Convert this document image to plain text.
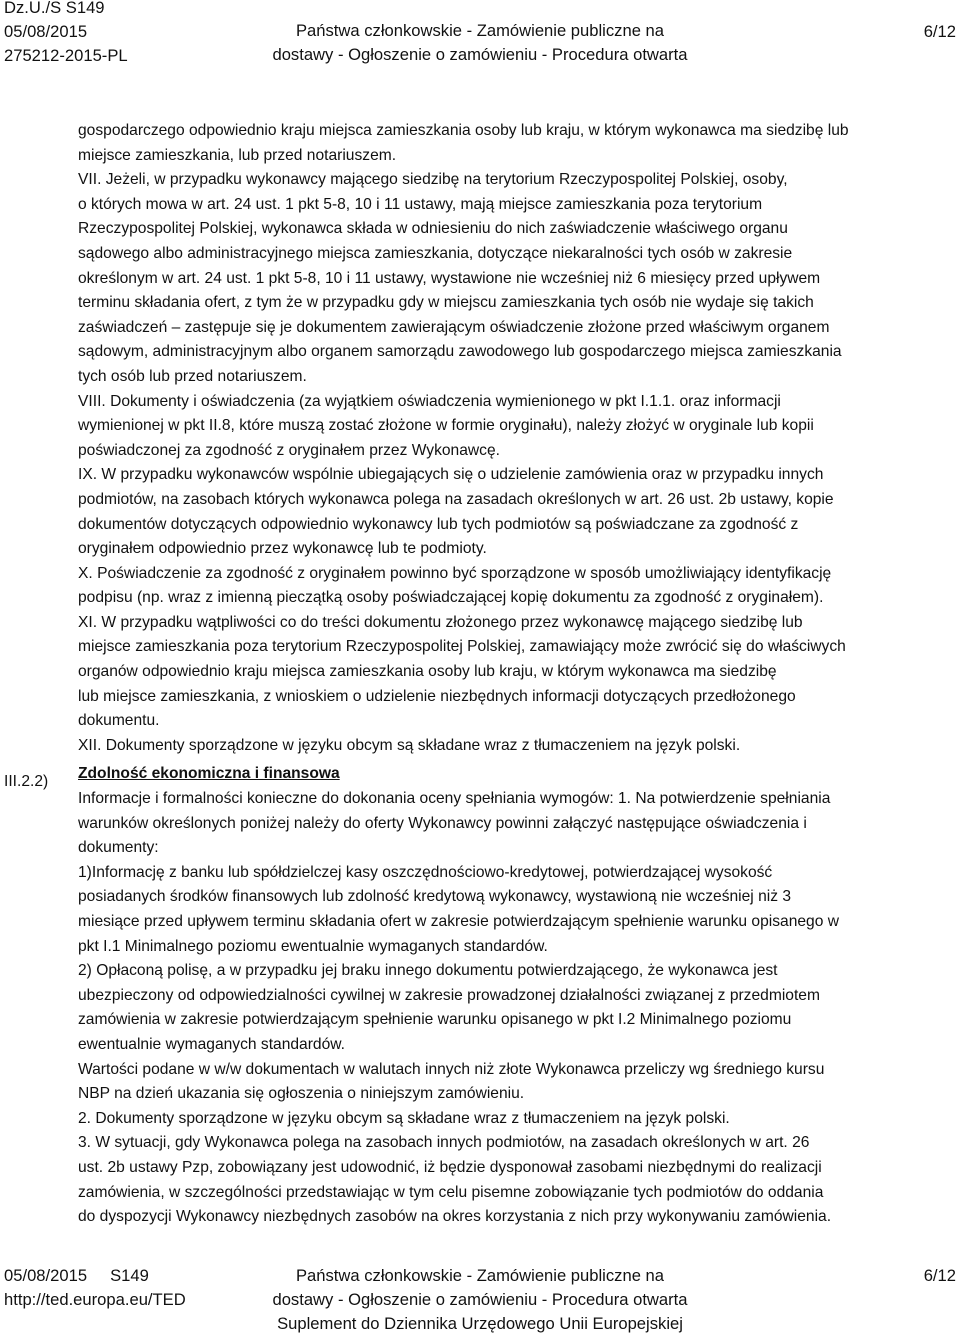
Dz.U./S S149
05/08/2015
275212-2015-PL
Państwa członkowskie - Zamówienie publiczne na
dostawy - Ogłoszenie o zamówieniu - Procedura otwarta
6/12
III.2.2)
gospodarczego odpowiednio kraju miejsca zamieszkania osoby lub kraju, w którym wykonawca ma siedzibę lub
miejsce zamieszkania, lub przed notariuszem.
VII. Jeżeli, w przypadku wykonawcy mającego siedzibę na terytorium Rzeczypospolitej Polskiej, osoby,
o których mowa w art. 24 ust. 1 pkt 5-8, 10 i 11 ustawy, mają miejsce zamieszkania poza terytorium
Rzeczypospolitej Polskiej, wykonawca składa w odniesieniu do nich zaświadczenie właściwego organu
sądowego albo administracyjnego miejsca zamieszkania, dotyczące niekaralności tych osób w zakresie
określonym w art. 24 ust. 1 pkt 5-8, 10 i 11 ustawy, wystawione nie wcześniej niż 6 miesięcy przed upływem
terminu składania ofert, z tym że w przypadku gdy w miejscu zamieszkania tych osób nie wydaje się takich
zaświadczeń – zastępuje się je dokumentem zawierającym oświadczenie złożone przed właściwym organem
sądowym, administracyjnym albo organem samorządu zawodowego lub gospodarczego miejsca zamieszkania
tych osób lub przed notariuszem.
VIII. Dokumenty i oświadczenia (za wyjątkiem oświadczenia wymienionego w pkt I.1.1. oraz informacji
wymienionej w pkt II.8, które muszą zostać złożone w formie oryginału), należy złożyć w oryginale lub kopii
poświadczonej za zgodność z oryginałem przez Wykonawcę.
IX. W przypadku wykonawców wspólnie ubiegających się o udzielenie zamówienia oraz w przypadku innych
podmiotów, na zasobach których wykonawca polega na zasadach określonych w art. 26 ust. 2b ustawy, kopie
dokumentów dotyczących odpowiednio wykonawcy lub tych podmiotów są poświadczane za zgodność z
oryginałem odpowiednio przez wykonawcę lub te podmioty.
X. Poświadczenie za zgodność z oryginałem powinno być sporządzone w sposób umożliwiający identyfikację
podpisu (np. wraz z imienną pieczątką osoby poświadczającej kopię dokumentu za zgodność z oryginałem).
XI. W przypadku wątpliwości co do treści dokumentu złożonego przez wykonawcę mającego siedzibę lub
miejsce zamieszkania poza terytorium Rzeczypospolitej Polskiej, zamawiający może zwrócić się do właściwych
organów odpowiednio kraju miejsca zamieszkania osoby lub kraju, w którym wykonawca ma siedzibę
lub miejsce zamieszkania, z wnioskiem o udzielenie niezbędnych informacji dotyczących przedłożonego
dokumentu.
XII. Dokumenty sporządzone w języku obcym są składane wraz z tłumaczeniem na język polski.
Zdolność ekonomiczna i finansowa
Informacje i formalności konieczne do dokonania oceny spełniania wymogów: 1. Na potwierdzenie spełniania
warunków określonych poniżej należy do oferty Wykonawcy powinni załączyć następujące oświadczenia i
dokumenty:
1)Informację z banku lub spółdzielczej kasy oszczędnościowo-kredytowej, potwierdzającej wysokość
posiadanych środków finansowych lub zdolność kredytową wykonawcy, wystawioną nie wcześniej niż 3
miesiące przed upływem terminu składania ofert w zakresie potwierdzającym spełnienie warunku opisanego w
pkt I.1 Minimalnego poziomu ewentualnie wymaganych standardów.
2) Opłaconą polisę, a w przypadku jej braku innego dokumentu potwierdzającego, że wykonawca jest
ubezpieczony od odpowiedzialności cywilnej w zakresie prowadzonej działalności związanej z przedmiotem
zamówienia w zakresie potwierdzającym spełnienie warunku opisanego w pkt I.2 Minimalnego poziomu
ewentualnie wymaganych standardów.
Wartości podane w w/w dokumentach w walutach innych niż złote Wykonawca przeliczy wg średniego kursu
NBP na dzień ukazania się ogłoszenia o niniejszym zamówieniu.
2. Dokumenty sporządzone w języku obcym są składane wraz z tłumaczeniem na język polski.
3. W sytuacji, gdy Wykonawca polega na zasobach innych podmiotów, na zasadach określonych w art. 26
ust. 2b ustawy Pzp, zobowiązany jest udowodnić, iż będzie dysponował zasobami niezbędnymi do realizacji
zamówienia, w szczególności przedstawiając w tym celu pisemne zobowiązanie tych podmiotów do oddania
do dyspozycji Wykonawcy niezbędnych zasobów na okres korzystania z nich przy wykonywaniu zamówienia.
05/08/2015     S149
http://ted.europa.eu/TED
Państwa członkowskie - Zamówienie publiczne na
dostawy - Ogłoszenie o zamówieniu - Procedura otwarta
Suplement do Dziennika Urzędowego Unii Europejskiej
6/12
